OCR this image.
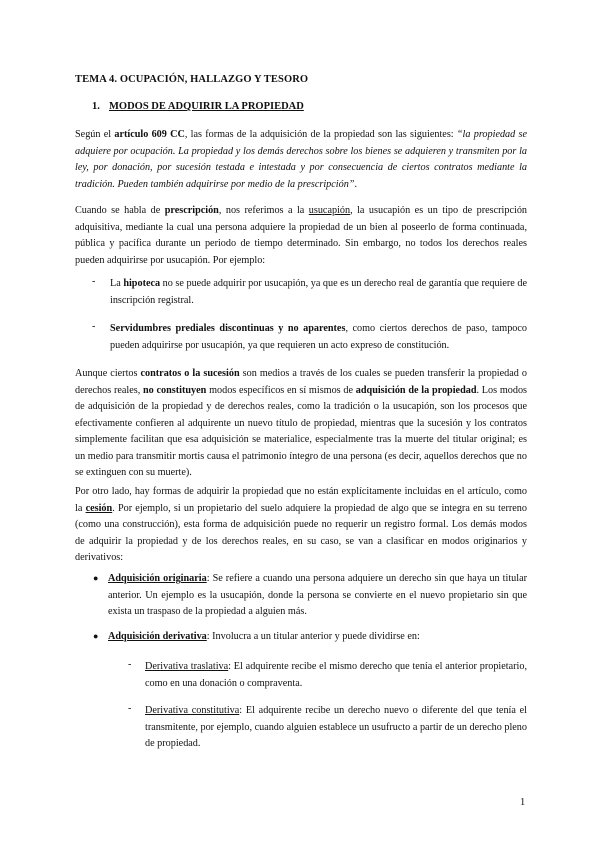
TEMA 4. OCUPACIÓN, HALLAZGO Y TESORO

1. MODOS DE ADQUIRIR LA PROPIEDAD

Según el artículo 609 CC, las formas de la adquisición de la propiedad son las siguientes: “la propiedad se adquiere por ocupación. La propiedad y los demás derechos sobre los bienes se adquieren y transmiten por la ley, por donación, por sucesión testada e intestada y por consecuencia de ciertos contratos mediante la tradición. Pueden también adquirirse por medio de la prescripción”.

Cuando se habla de prescripción, nos referimos a la usucapión, la usucapión es un tipo de prescripción adquisitiva, mediante la cual una persona adquiere la propiedad de un bien al poseerlo de forma continuada, pública y pacífica durante un periodo de tiempo determinado. Sin embargo, no todos los derechos reales pueden adquirirse por usucapión. Por ejemplo:

- La hipoteca no se puede adquirir por usucapión, ya que es un derecho real de garantía que requiere de inscripción registral.

- Servidumbres prediales discontinuas y no aparentes, como ciertos derechos de paso, tampoco pueden adquirirse por usucapión, ya que requieren un acto expreso de constitución.

Aunque ciertos contratos o la sucesión son medios a través de los cuales se pueden transferir la propiedad o derechos reales, no constituyen modos específicos en sí mismos de adquisición de la propiedad. Los modos de adquisición de la propiedad y de derechos reales, como la tradición o la usucapión, son los procesos que efectivamente confieren al adquirente un nuevo título de propiedad, mientras que la sucesión y los contratos simplemente facilitan que esa adquisición se materialice, especialmente tras la muerte del titular original; es un medio para transmitir mortis causa el patrimonio íntegro de una persona (es decir, aquellos derechos que no se extinguen con su muerte).

Por otro lado, hay formas de adquirir la propiedad que no están explícitamente incluidas en el artículo, como la cesión. Por ejemplo, si un propietario del suelo adquiere la propiedad de algo que se integra en su terreno (como una construcción), esta forma de adquisición puede no requerir un registro formal. Los demás modos de adquirir la propiedad y de los derechos reales, en su caso, se van a clasificar en modos originarios y derivativos:

● Adquisición originaria: Se refiere a cuando una persona adquiere un derecho sin que haya un titular anterior. Un ejemplo es la usucapión, donde la persona se convierte en el nuevo propietario sin que exista un traspaso de la propiedad a alguien más.

● Adquisición derivativa: Involucra a un titular anterior y puede dividirse en:

- Derivativa traslativa: El adquirente recibe el mismo derecho que tenía el anterior propietario, como en una donación o compraventa.

- Derivativa constitutiva: El adquirente recibe un derecho nuevo o diferente del que tenía el transmitente, por ejemplo, cuando alguien establece un usufructo a partir de un derecho pleno de propiedad.

1
